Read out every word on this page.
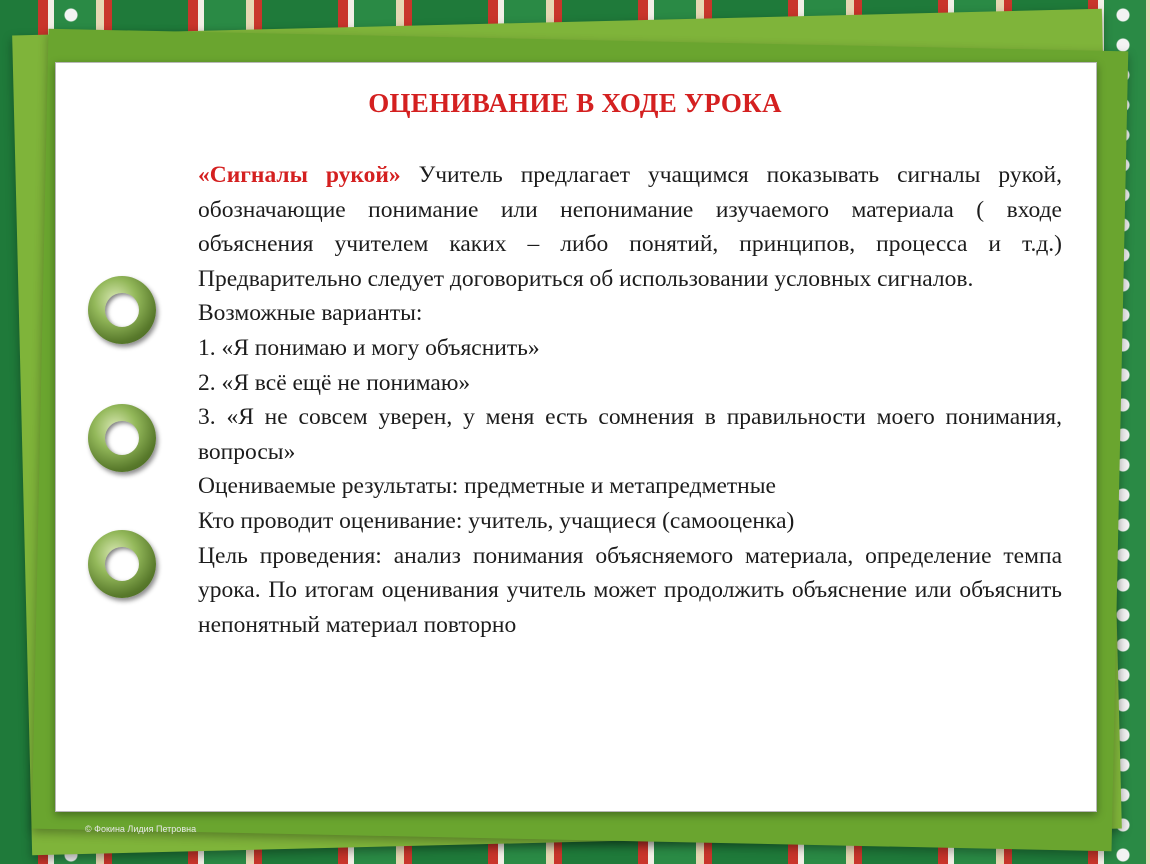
ОЦЕНИВАНИЕ В ХОДЕ УРОКА

«Сигналы рукой» Учитель предлагает учащимся показывать сигналы рукой, обозначающие понимание или непонимание изучаемого материала ( входе объяснения учителем каких – либо понятий, принципов, процесса и т.д.) Предварительно следует договориться об использовании условных сигналов.

Возможные варианты:

1. «Я понимаю и могу объяснить»

2. «Я всё ещё не понимаю»

3. «Я не совсем уверен, у меня есть сомнения в правильности моего понимания, вопросы»

Оцениваемые результаты: предметные и метапредметные

Кто проводит оценивание: учитель, учащиеся (самооценка)

Цель проведения: анализ понимания объясняемого материала, определение темпа урока. По итогам оценивания учитель может продолжить объяснение или объяснить непонятный материал повторно

© Фокина Лидия Петровна
